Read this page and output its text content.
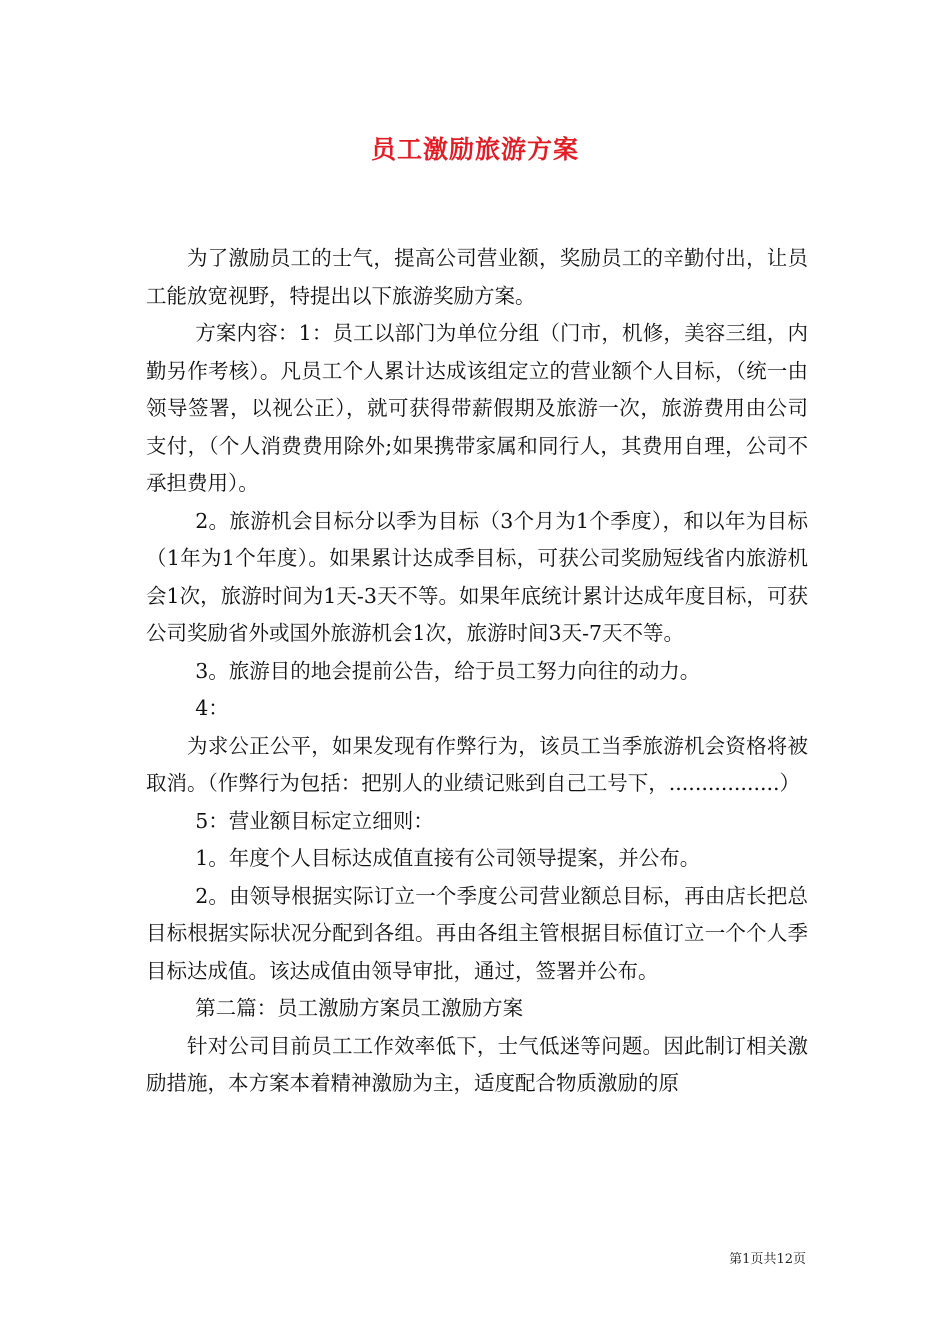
员工激励旅游方案

为了激励员工的士气，提高公司营业额，奖励员工的辛勤付出，让员工能放宽视野，特提出以下旅游奖励方案。

方案内容：1：员工以部门为单位分组（门市，机修，美容三组，内勤另作考核）。凡员工个人累计达成该组定立的营业额个人目标，（统一由领导签署，以视公正），就可获得带薪假期及旅游一次，旅游费用由公司支付，（个人消费费用除外;如果携带家属和同行人，其费用自理，公司不承担费用）。

2。旅游机会目标分以季为目标（3个月为1个季度），和以年为目标（1年为1个年度）。如果累计达成季目标，可获公司奖励短线省内旅游机会1次，旅游时间为1天-3天不等。如果年底统计累计达成年度目标，可获公司奖励省外或国外旅游机会1次，旅游时间3天-7天不等。

3。旅游目的地会提前公告，给于员工努力向往的动力。

4：

为求公正公平，如果发现有作弊行为，该员工当季旅游机会资格将被取消。（作弊行为包括：把别人的业绩记账到自己工号下，.................）

5：营业额目标定立细则：

1。年度个人目标达成值直接有公司领导提案，并公布。

2。由领导根据实际订立一个季度公司营业额总目标，再由店长把总目标根据实际状况分配到各组。再由各组主管根据目标值订立一个个人季目标达成值。该达成值由领导审批，通过，签署并公布。

第二篇：员工激励方案员工激励方案

针对公司目前员工工作效率低下，士气低迷等问题。因此制订相关激励措施，本方案本着精神激励为主，适度配合物质激励的原

第1页共12页
